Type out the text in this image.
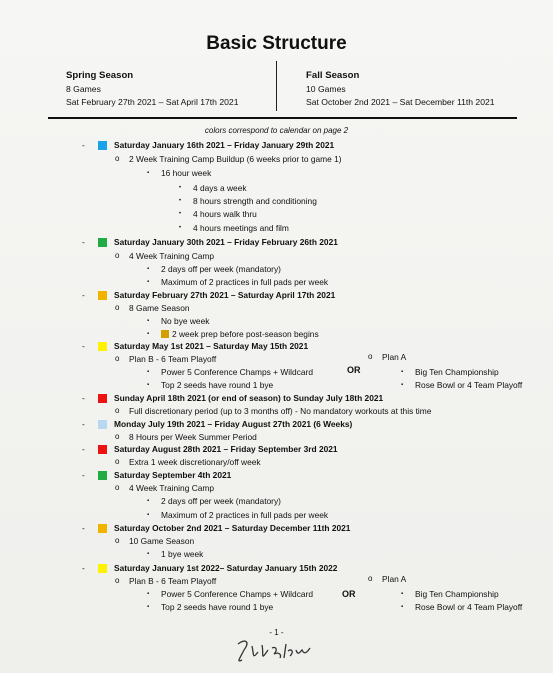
Basic Structure
Spring Season
8 Games
Sat February 27th 2021 – Sat April 17th 2021
Fall Season
10 Games
Sat October 2nd 2021 – Sat December 11th 2021
colors correspond to calendar on page 2
-	Saturday January 16th 2021 – Friday January 29th 2021
o 2 Week Training Camp Buildup (6 weeks prior to game 1)
▪ 16 hour week
• 4 days a week
• 8 hours strength and conditioning
• 4 hours walk thru
• 4 hours meetings and film
-	Saturday January 30th 2021 – Friday February 26th 2021
o 4 Week Training Camp
▪ 2 days off per week (mandatory)
▪ Maximum of 2 practices in full pads per week
-	Saturday February 27th 2021 – Saturday April 17th 2021
o 8 Game Season
▪ No bye week
▪	2 week prep before post-season begins
-	Saturday May 1st 2021 – Saturday May 15th 2021
o Plan B - 6 Team Playoff
▪ Power 5 Conference Champs + Wildcard
▪ Top 2 seeds have round 1 bye
o Plan A
▪ Big Ten Championship
▪ Rose Bowl or 4 Team Playoff
-	Sunday April 18th 2021 (or end of season) to Sunday July 18th 2021
o Full discretionary period (up to 3 months off) - No mandatory workouts at this time
-	Monday July 19th 2021 – Friday August 27th 2021 (6 Weeks)
o 8 Hours per Week Summer Period
-	Saturday August 28th 2021 – Friday September 3rd 2021
o Extra 1 week discretionary/off week
-	Saturday September 4th 2021
o 4 Week Training Camp
▪ 2 days off per week (mandatory)
▪ Maximum of 2 practices in full pads per week
-	Saturday October 2nd 2021 – Saturday December 11th 2021
o 10 Game Season
▪ 1 bye week
-	Saturday January 1st 2022– Saturday January 15th 2022
o Plan B - 6 Team Playoff
▪ Power 5 Conference Champs + Wildcard
▪ Top 2 seeds have round 1 bye
o Plan A
▪ Big Ten Championship
▪ Rose Bowl or 4 Team Playoff
OR
OR
- 1 -
